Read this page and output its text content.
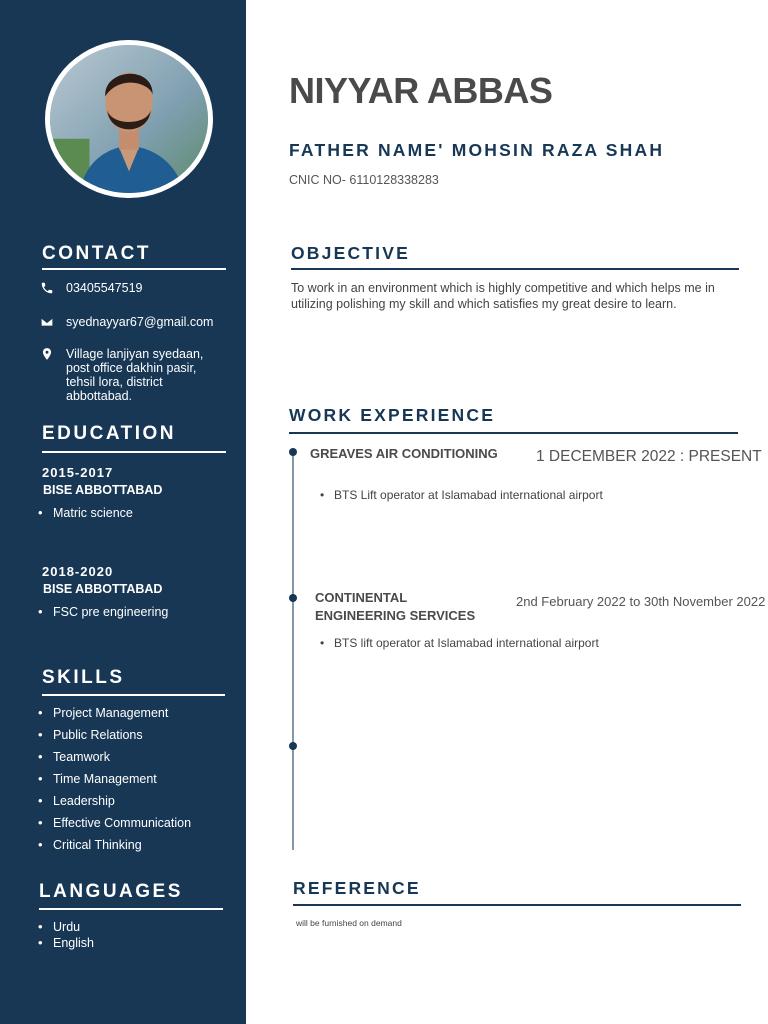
CONTACT
03405547519
syednayyar67@gmail.com
Village lanjiyan syedaan,
post office dakhin pasir,
tehsil lora, district
abbottabad.
EDUCATION
2015-2017
BISE ABBOTTABAD
• Matric science
2018-2020
BISE ABBOTTABAD
• FSC pre engineering
SKILLS
• Project Management
• Public Relations
• Teamwork
• Time Management
• Leadership
• Effective Communication
• Critical Thinking
LANGUAGES
• Urdu
• English
NIYYAR ABBAS
FATHER NAME' MOHSIN RAZA SHAH
CNIC NO- 6110128338283
OBJECTIVE
To work in an environment which is highly competitive and which helps me in utilizing polishing my skill and which satisfies my great desire to learn.
WORK EXPERIENCE
GREAVES AIR CONDITIONING 1 DECEMBER 2022 : PRESENT
• BTS Lift operator at Islamabad international airport
CONTINENTAL
ENGINEERING SERVICES
2nd February 2022 to 30th November 2022
• BTS lift operator at Islamabad international airport
REFERENCE
will be furnished on demand
